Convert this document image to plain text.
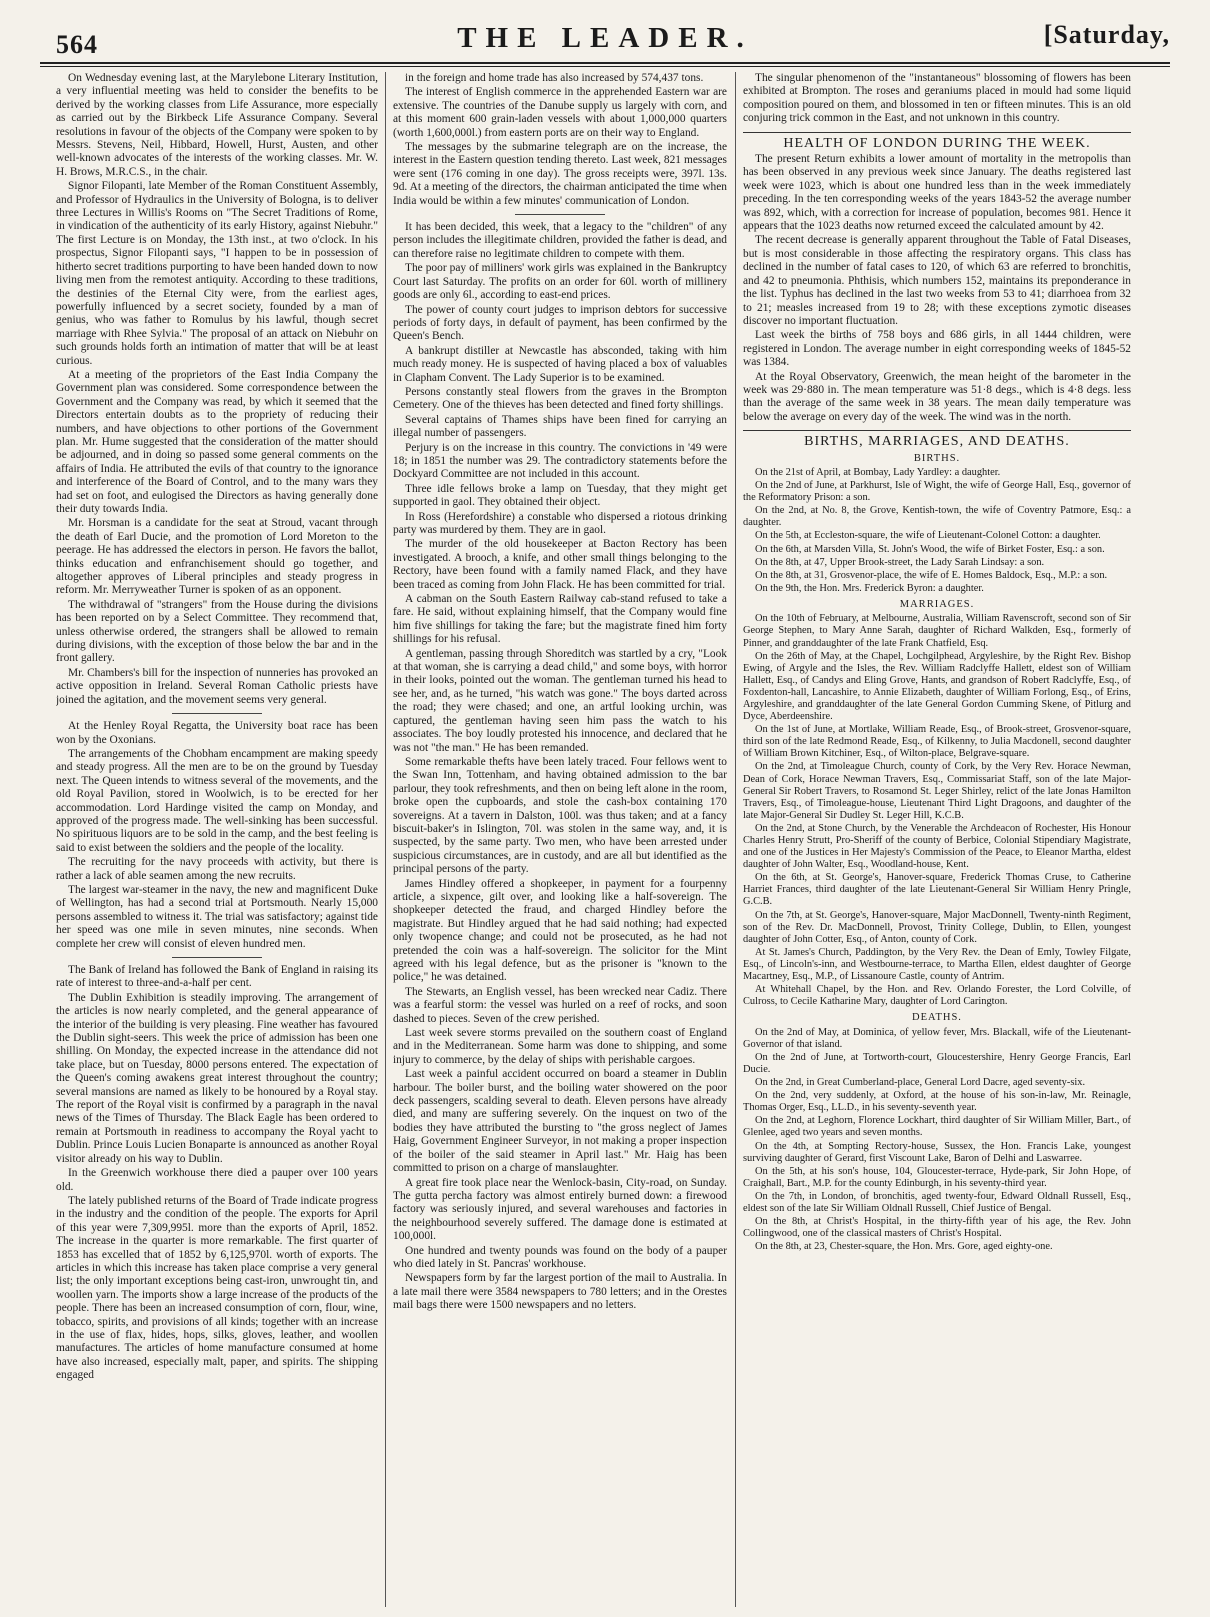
564	THE LEADER.	[Saturday,

On Wednesday evening last, at the Marylebone Literary Institution, a very influential meeting was held to consider the benefits to be derived by the working classes from Life Assurance, more especially as carried out by the Birkbeck Life Assurance Company. Several resolutions in favour of the objects of the Company were spoken to by Messrs. Stevens, Neil, Hibbard, Howell, Hurst, Austen, and other well-known advocates of the interests of the working classes. Mr. W. H. Brows, M.R.C.S., in the chair.

Signor Filopanti, late Member of the Roman Constituent Assembly, and Professor of Hydraulics in the University of Bologna, is to deliver three Lectures in Willis's Rooms on "The Secret Traditions of Rome, in vindication of the authenticity of its early History, against Niebuhr." The first Lecture is on Monday, the 13th inst., at two o'clock. In his prospectus, Signor Filopanti says, "I happen to be in possession of hitherto secret traditions purporting to have been handed down to now living men from the remotest antiquity. According to these traditions, the destinies of the Eternal City were, from the earliest ages, powerfully influenced by a secret society, founded by a man of genius, who was father to Romulus by his lawful, though secret marriage with Rhee Sylvia." The proposal of an attack on Niebuhr on such grounds holds forth an intimation of matter that will be at least curious.

At a meeting of the proprietors of the East India Company the Government plan was considered. Some correspondence between the Government and the Company was read, by which it seemed that the Directors entertain doubts as to the propriety of reducing their numbers, and have objections to other portions of the Government plan. Mr. Hume suggested that the consideration of the matter should be adjourned, and in doing so passed some general comments on the affairs of India. He attributed the evils of that country to the ignorance and interference of the Board of Control, and to the many wars they had set on foot, and eulogised the Directors as having generally done their duty towards India.

Mr. Horsman is a candidate for the seat at Stroud, vacant through the death of Earl Ducie, and the promotion of Lord Moreton to the peerage. He has addressed the electors in person. He favors the ballot, thinks education and enfranchisement should go together, and altogether approves of Liberal principles and steady progress in reform. Mr. Merryweather Turner is spoken of as an opponent.

The withdrawal of "strangers" from the House during the divisions has been reported on by a Select Committee. They recommend that, unless otherwise ordered, the strangers shall be allowed to remain during divisions, with the exception of those below the bar and in the front gallery.

Mr. Chambers's bill for the inspection of nunneries has provoked an active opposition in Ireland. Several Roman Catholic priests have joined the agitation, and the movement seems very general.

At the Henley Royal Regatta, the University boat race has been won by the Oxonians.

The arrangements of the Chobham encampment are making speedy and steady progress. All the men are to be on the ground by Tuesday next. The Queen intends to witness several of the movements, and the old Royal Pavilion, stored in Woolwich, is to be erected for her accommodation. Lord Hardinge visited the camp on Monday, and approved of the progress made. The well-sinking has been successful. No spirituous liquors are to be sold in the camp, and the best feeling is said to exist between the soldiers and the people of the locality.

The recruiting for the navy proceeds with activity, but there is rather a lack of able seamen among the new recruits.

The largest war-steamer in the navy, the new and magnificent Duke of Wellington, has had a second trial at Portsmouth. Nearly 15,000 persons assembled to witness it. The trial was satisfactory; against tide her speed was one mile in seven minutes, nine seconds. When complete her crew will consist of eleven hundred men.

The Bank of Ireland has followed the Bank of England in raising its rate of interest to three-and-a-half per cent.

The Dublin Exhibition is steadily improving. The arrangement of the articles is now nearly completed, and the general appearance of the interior of the building is very pleasing. Fine weather has favoured the Dublin sight-seers. This week the price of admission has been one shilling. On Monday, the expected increase in the attendance did not take place, but on Tuesday, 8000 persons entered. The expectation of the Queen's coming awakens great interest throughout the country; several mansions are named as likely to be honoured by a Royal stay. The report of the Royal visit is confirmed by a paragraph in the naval news of the Times of Thursday. The Black Eagle has been ordered to remain at Portsmouth in readiness to accompany the Royal yacht to Dublin. Prince Louis Lucien Bonaparte is announced as another Royal visitor already on his way to Dublin.

In the Greenwich workhouse there died a pauper over 100 years old.

The lately published returns of the Board of Trade indicate progress in the industry and the condition of the people. The exports for April of this year were 7,309,995l. more than the exports of April, 1852. The increase in the quarter is more remarkable. The first quarter of 1853 has excelled that of 1852 by 6,125,970l. worth of exports. The articles in which this increase has taken place comprise a very general list; the only important exceptions being cast-iron, unwrought tin, and woollen yarn. The imports show a large increase of the products of the people. There has been an increased consumption of corn, flour, wine, tobacco, spirits, and provisions of all kinds; together with an increase in the use of flax, hides, hops, silks, gloves, leather, and woollen manufactures. The articles of home manufacture consumed at home have also increased, especially malt, paper, and spirits. The shipping engaged

in the foreign and home trade has also increased by 574,437 tons.

The interest of English commerce in the apprehended Eastern war are extensive. The countries of the Danube supply us largely with corn, and at this moment 600 grain-laden vessels with about 1,000,000 quarters (worth 1,600,000l.) from eastern ports are on their way to England.

The messages by the submarine telegraph are on the increase, the interest in the Eastern question tending thereto. Last week, 821 messages were sent (176 coming in one day). The gross receipts were, 397l. 13s. 9d. At a meeting of the directors, the chairman anticipated the time when India would be within a few minutes' communication of London.

It has been decided, this week, that a legacy to the "children" of any person includes the illegitimate children, provided the father is dead, and can therefore raise no legitimate children to compete with them.

The poor pay of milliners' work girls was explained in the Bankruptcy Court last Saturday. The profits on an order for 60l. worth of millinery goods are only 6l., according to east-end prices.

The power of county court judges to imprison debtors for successive periods of forty days, in default of payment, has been confirmed by the Queen's Bench.

A bankrupt distiller at Newcastle has absconded, taking with him much ready money. He is suspected of having placed a box of valuables in Clapham Convent. The Lady Superior is to be examined.

Persons constantly steal flowers from the graves in the Brompton Cemetery. One of the thieves has been detected and fined forty shillings.

Several captains of Thames ships have been fined for carrying an illegal number of passengers.

Perjury is on the increase in this country. The convictions in '49 were 18; in 1851 the number was 29. The contradictory statements before the Dockyard Committee are not included in this account.

Three idle fellows broke a lamp on Tuesday, that they might get supported in gaol. They obtained their object.

In Ross (Herefordshire) a constable who dispersed a riotous drinking party was murdered by them. They are in gaol.

The murder of the old housekeeper at Bacton Rectory has been investigated. A brooch, a knife, and other small things belonging to the Rectory, have been found with a family named Flack, and they have been traced as coming from John Flack. He has been committed for trial.

A cabman on the South Eastern Railway cab-stand refused to take a fare. He said, without explaining himself, that the Company would fine him five shillings for taking the fare; but the magistrate fined him forty shillings for his refusal.

A gentleman, passing through Shoreditch was startled by a cry, "Look at that woman, she is carrying a dead child," and some boys, with horror in their looks, pointed out the woman. The gentleman turned his head to see her, and, as he turned, "his watch was gone." The boys darted across the road; they were chased; and one, an artful looking urchin, was captured, the gentleman having seen him pass the watch to his associates. The boy loudly protested his innocence, and declared that he was not "the man." He has been remanded.

Some remarkable thefts have been lately traced. Four fellows went to the Swan Inn, Tottenham, and having obtained admission to the bar parlour, they took refreshments, and then on being left alone in the room, broke open the cupboards, and stole the cash-box containing 170 sovereigns. At a tavern in Dalston, 100l. was thus taken; and at a fancy biscuit-baker's in Islington, 70l. was stolen in the same way, and, it is suspected, by the same party. Two men, who have been arrested under suspicious circumstances, are in custody, and are all but identified as the principal persons of the party.

James Hindley offered a shopkeeper, in payment for a fourpenny article, a sixpence, gilt over, and looking like a half-sovereign. The shopkeeper detected the fraud, and charged Hindley before the magistrate. But Hindley argued that he had said nothing; had expected only twopence change; and could not be prosecuted, as he had not pretended the coin was a half-sovereign. The solicitor for the Mint agreed with his legal defence, but as the prisoner is "known to the police," he was detained.

The Stewarts, an English vessel, has been wrecked near Cadiz. There was a fearful storm: the vessel was hurled on a reef of rocks, and soon dashed to pieces. Seven of the crew perished.

Last week severe storms prevailed on the southern coast of England and in the Mediterranean. Some harm was done to shipping, and some injury to commerce, by the delay of ships with perishable cargoes.

Last week a painful accident occurred on board a steamer in Dublin harbour. The boiler burst, and the boiling water showered on the poor deck passengers, scalding several to death. Eleven persons have already died, and many are suffering severely. On the inquest on two of the bodies they have attributed the bursting to "the gross neglect of James Haig, Government Engineer Surveyor, in not making a proper inspection of the boiler of the said steamer in April last." Mr. Haig has been committed to prison on a charge of manslaughter.

A great fire took place near the Wenlock-basin, City-road, on Sunday. The gutta percha factory was almost entirely burned down: a firewood factory was seriously injured, and several warehouses and factories in the neighbourhood severely suffered. The damage done is estimated at 100,000l.

One hundred and twenty pounds was found on the body of a pauper who died lately in St. Pancras' workhouse.

Newspapers form by far the largest portion of the mail to Australia. In a late mail there were 3584 newspapers to 780 letters; and in the Orestes mail bags there were 1500 newspapers and no letters.

The singular phenomenon of the "instantaneous" blossoming of flowers has been exhibited at Brompton. The roses and geraniums placed in mould had some liquid composition poured on them, and blossomed in ten or fifteen minutes. This is an old conjuring trick common in the East, and not unknown in this country.

HEALTH OF LONDON DURING THE WEEK.

The present Return exhibits a lower amount of mortality in the metropolis than has been observed in any previous week since January. The deaths registered last week were 1023, which is about one hundred less than in the week immediately preceding. In the ten corresponding weeks of the years 1843-52 the average number was 892, which, with a correction for increase of population, becomes 981. Hence it appears that the 1023 deaths now returned exceed the calculated amount by 42.

The recent decrease is generally apparent throughout the Table of Fatal Diseases, but is most considerable in those affecting the respiratory organs. This class has declined in the number of fatal cases to 120, of which 63 are referred to bronchitis, and 42 to pneumonia. Phthisis, which numbers 152, maintains its preponderance in the list. Typhus has declined in the last two weeks from 53 to 41; diarrhoea from 32 to 21; measles increased from 19 to 28; with these exceptions zymotic diseases discover no important fluctuation.

Last week the births of 758 boys and 686 girls, in all 1444 children, were registered in London. The average number in eight corresponding weeks of 1845-52 was 1384.

At the Royal Observatory, Greenwich, the mean height of the barometer in the week was 29·880 in. The mean temperature was 51·8 degs., which is 4·8 degs. less than the average of the same week in 38 years. The mean daily temperature was below the average on every day of the week. The wind was in the north.

BIRTHS, MARRIAGES, AND DEATHS.
BIRTHS.

On the 21st of April, at Bombay, Lady Yardley: a daughter.

On the 2nd of June, at Parkhurst, Isle of Wight, the wife of George Hall, Esq., governor of the Reformatory Prison: a son.

On the 2nd, at No. 8, the Grove, Kentish-town, the wife of Coventry Patmore, Esq.: a daughter.

On the 5th, at Eccleston-square, the wife of Lieutenant-Colonel Cotton: a daughter.

On the 6th, at Marsden Villa, St. John's Wood, the wife of Birket Foster, Esq.: a son.

On the 8th, at 47, Upper Brook-street, the Lady Sarah Lindsay: a son.

On the 8th, at 31, Grosvenor-place, the wife of E. Homes Baldock, Esq., M.P.: a son.

On the 9th, the Hon. Mrs. Frederick Byron: a daughter.

MARRIAGES.

On the 10th of February, at Melbourne, Australia, William Ravenscroft, second son of Sir George Stephen, to Mary Anne Sarah, daughter of Richard Walkden, Esq., formerly of Pinner, and granddaughter of the late Frank Chatfield, Esq.

On the 26th of May, at the Chapel, Lochgilphead, Argyleshire, by the Right Rev. Bishop Ewing, of Argyle and the Isles, the Rev. William Radclyffe Hallett, eldest son of William Hallett, Esq., of Candys and Eling Grove, Hants, and grandson of Robert Radclyffe, Esq., of Foxdenton-hall, Lancashire, to Annie Elizabeth, daughter of William Forlong, Esq., of Erins, Argyleshire, and granddaughter of the late General Gordon Cumming Skene, of Pitlurg and Dyce, Aberdeenshire.

On the 1st of June, at Mortlake, William Reade, Esq., of Brook-street, Grosvenor-square, third son of the late Redmond Reade, Esq., of Kilkenny, to Julia Macdonell, second daughter of William Brown Kitchiner, Esq., of Wilton-place, Belgrave-square.

On the 2nd, at Timoleague Church, county of Cork, by the Very Rev. Horace Newman, Dean of Cork, Horace Newman Travers, Esq., Commissariat Staff, son of the late Major-General Sir Robert Travers, to Rosamond St. Leger Shirley, relict of the late Jonas Hamilton Travers, Esq., of Timoleague-house, Lieutenant Third Light Dragoons, and daughter of the late Major-General Sir Dudley St. Leger Hill, K.C.B.

On the 2nd, at Stone Church, by the Venerable the Archdeacon of Rochester, His Honour Charles Henry Strutt, Pro-Sheriff of the county of Berbice, Colonial Stipendiary Magistrate, and one of the Justices in Her Majesty's Commission of the Peace, to Eleanor Martha, eldest daughter of John Walter, Esq., Woodland-house, Kent.

On the 6th, at St. George's, Hanover-square, Frederick Thomas Cruse, to Catherine Harriet Frances, third daughter of the late Lieutenant-General Sir William Henry Pringle, G.C.B.

On the 7th, at St. George's, Hanover-square, Major MacDonnell, Twenty-ninth Regiment, son of the Rev. Dr. MacDonnell, Provost, Trinity College, Dublin, to Ellen, youngest daughter of John Cotter, Esq., of Anton, county of Cork.

At St. James's Church, Paddington, by the Very Rev. the Dean of Emly, Towley Filgate, Esq., of Lincoln's-inn, and Westbourne-terrace, to Martha Ellen, eldest daughter of George Macartney, Esq., M.P., of Lissanoure Castle, county of Antrim.

At Whitehall Chapel, by the Hon. and Rev. Orlando Forester, the Lord Colville, of Culross, to Cecile Katharine Mary, daughter of Lord Carington.

DEATHS.

On the 2nd of May, at Dominica, of yellow fever, Mrs. Blackall, wife of the Lieutenant-Governor of that island.

On the 2nd of June, at Tortworth-court, Gloucestershire, Henry George Francis, Earl Ducie.

On the 2nd, in Great Cumberland-place, General Lord Dacre, aged seventy-six.

On the 2nd, very suddenly, at Oxford, at the house of his son-in-law, Mr. Reinagle, Thomas Orger, Esq., LL.D., in his seventy-seventh year.

On the 2nd, at Leghorn, Florence Lockhart, third daughter of Sir William Miller, Bart., of Glenlee, aged two years and seven months.

On the 4th, at Sompting Rectory-house, Sussex, the Hon. Francis Lake, youngest surviving daughter of Gerard, first Viscount Lake, Baron of Delhi and Laswarree.

On the 5th, at his son's house, 104, Gloucester-terrace, Hyde-park, Sir John Hope, of Craighall, Bart., M.P. for the county Edinburgh, in his seventy-third year.

On the 7th, in London, of bronchitis, aged twenty-four, Edward Oldnall Russell, Esq., eldest son of the late Sir William Oldnall Russell, Chief Justice of Bengal.

On the 8th, at Christ's Hospital, in the thirty-fifth year of his age, the Rev. John Collingwood, one of the classical masters of Christ's Hospital.

On the 8th, at 23, Chester-square, the Hon. Mrs. Gore, aged eighty-one.
